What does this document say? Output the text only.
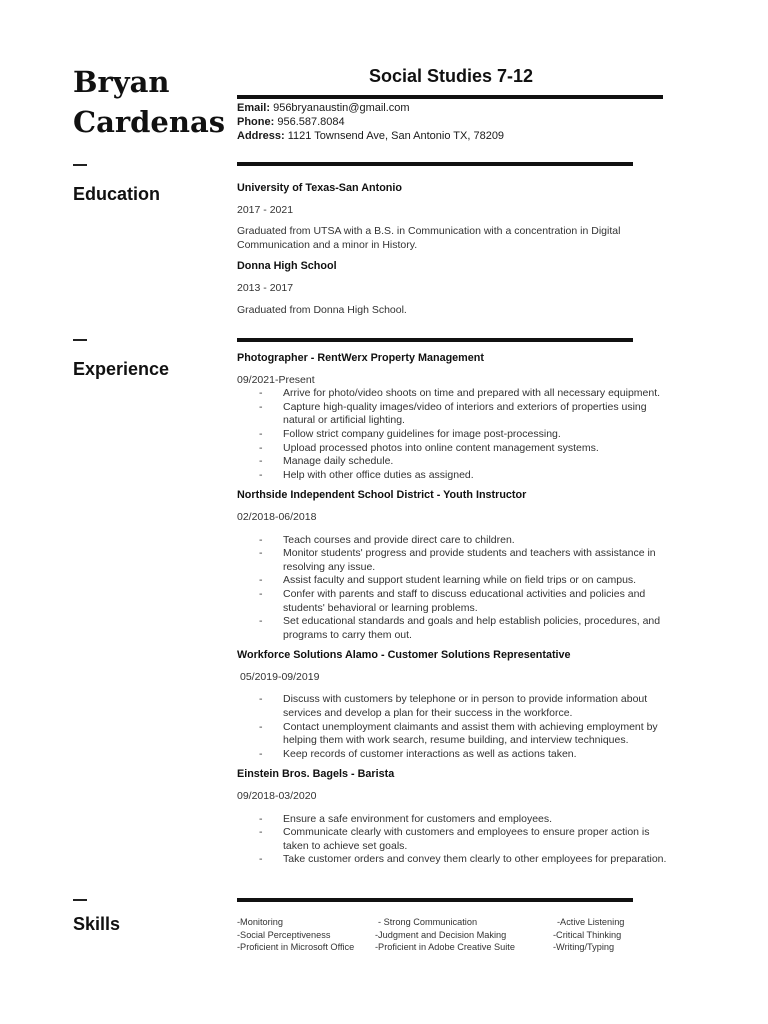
Bryan
Cardenas
Social Studies 7-12
Email: 956bryanaustin@gmail.com
Phone: 956.587.8084
Address: 1121 Townsend Ave, San Antonio TX, 78209
Education	University of Texas-San Antonio
2017 - 2021
Graduated from UTSA with a B.S. in Communication with a concentration in Digital Communication and a minor in History.
Donna High School
2013 - 2017
Graduated from Donna High School.
Experience
Photographer - RentWerx Property Management
09/2021-Present
- Arrive for photo/video shoots on time and prepared with all necessary equipment.
- Capture high-quality images/video of interiors and exteriors of properties using natural or artificial lighting.
- Follow strict company guidelines for image post-processing.
- Upload processed photos into online content management systems.
- Manage daily schedule.
- Help with other office duties as assigned.
Northside Independent School District - Youth Instructor
02/2018-06/2018
- Teach courses and provide direct care to children.
- Monitor students' progress and provide students and teachers with assistance in resolving any issue.
- Assist faculty and support student learning while on field trips or on campus.
- Confer with parents and staff to discuss educational activities and policies and students' behavioral or learning problems.
- Set educational standards and goals and help establish policies, procedures, and programs to carry them out.
Workforce Solutions Alamo - Customer Solutions Representative
05/2019-09/2019
- Discuss with customers by telephone or in person to provide information about services and develop a plan for their success in the workforce.
- Contact unemployment claimants and assist them with achieving employment by helping them with work search, resume building, and interview techniques.
- Keep records of customer interactions as well as actions taken.
Einstein Bros. Bagels - Barista
09/2018-03/2020
- Ensure a safe environment for customers and employees.
- Communicate clearly with customers and employees to ensure proper action is taken to achieve set goals.
- Take customer orders and convey them clearly to other employees for preparation.
Skills	-Monitoring
-Social Perceptiveness
-Proficient in Microsoft Office
- Strong Communication
-Judgment and Decision Making
-Proficient in Adobe Creative Suite
-Active Listening
-Critical Thinking
-Writing/Typing
